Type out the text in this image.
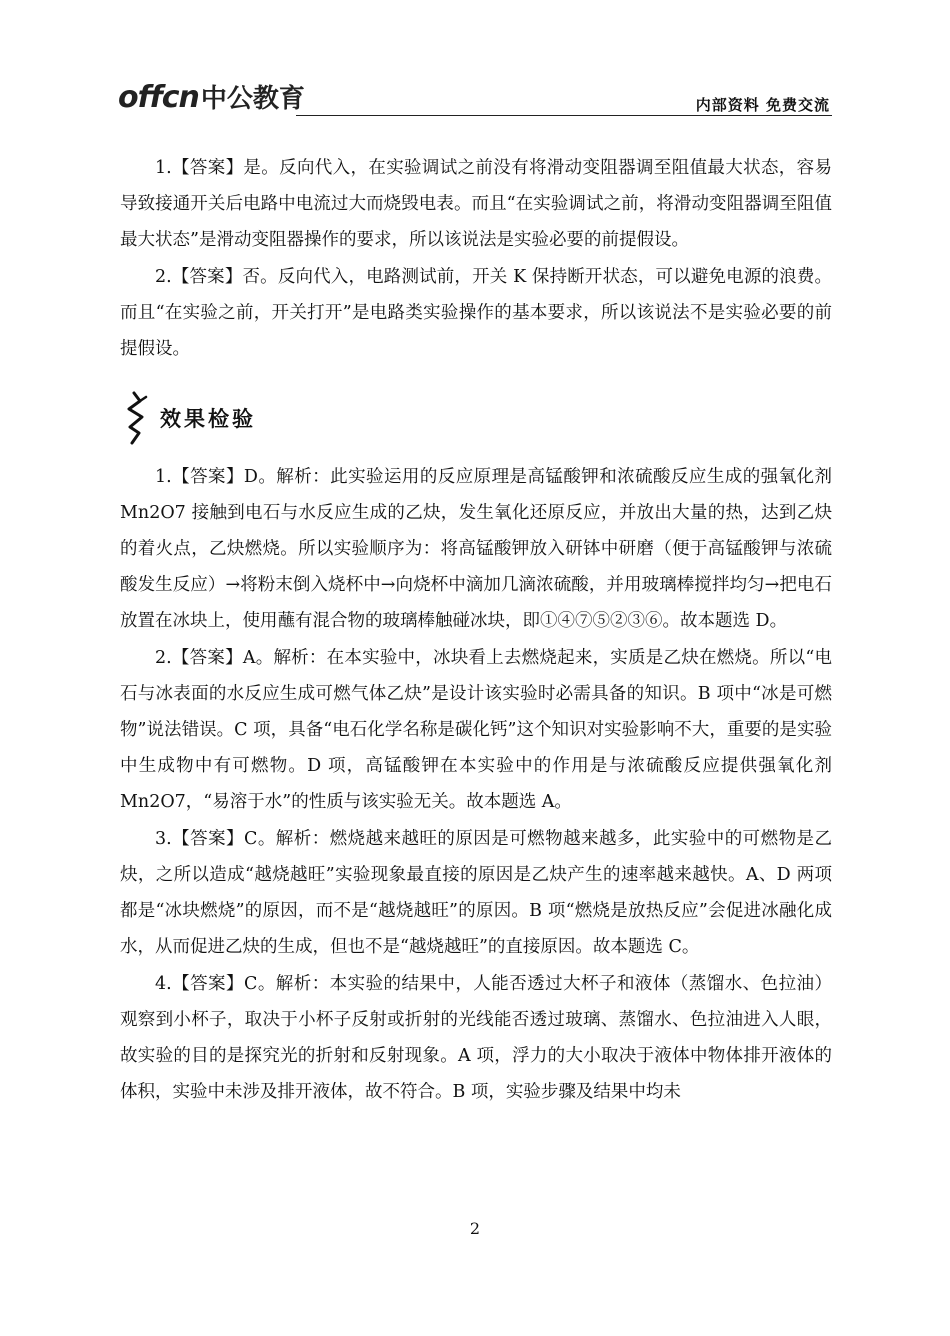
offcn中公教育	内部资料 免费交流

1.【答案】是。反向代入，在实验调试之前没有将滑动变阻器调至阻值最大状态，容易导致接通开关后电路中电流过大而烧毁电表。而且“在实验调试之前，将滑动变阻器调至阻值最大状态”是滑动变阻器操作的要求，所以该说法是实验必要的前提假设。

2.【答案】否。反向代入，电路测试前，开关 K 保持断开状态，可以避免电源的浪费。而且“在实验之前，开关打开”是电路类实验操作的基本要求，所以该说法不是实验必要的前提假设。

效果检验

1.【答案】D。解析：此实验运用的反应原理是高锰酸钾和浓硫酸反应生成的强氧化剂 Mn2O7 接触到电石与水反应生成的乙炔，发生氧化还原反应，并放出大量的热，达到乙炔的着火点，乙炔燃烧。所以实验顺序为：将高锰酸钾放入研钵中研磨（便于高锰酸钾与浓硫酸发生反应）→将粉末倒入烧杯中→向烧杯中滴加几滴浓硫酸，并用玻璃棒搅拌均匀→把电石放置在冰块上，使用蘸有混合物的玻璃棒触碰冰块，即①④⑦⑤②③⑥。故本题选 D。

2.【答案】A。解析：在本实验中，冰块看上去燃烧起来，实质是乙炔在燃烧。所以“电石与冰表面的水反应生成可燃气体乙炔”是设计该实验时必需具备的知识。B 项中“冰是可燃物”说法错误。C 项，具备“电石化学名称是碳化钙”这个知识对实验影响不大，重要的是实验中生成物中有可燃物。D 项，高锰酸钾在本实验中的作用是与浓硫酸反应提供强氧化剂 Mn2O7，“易溶于水”的性质与该实验无关。故本题选 A。

3.【答案】C。解析：燃烧越来越旺的原因是可燃物越来越多，此实验中的可燃物是乙炔，之所以造成“越烧越旺”实验现象最直接的原因是乙炔产生的速率越来越快。A、D 两项都是“冰块燃烧”的原因，而不是“越烧越旺”的原因。B 项“燃烧是放热反应”会促进冰融化成水，从而促进乙炔的生成，但也不是“越烧越旺”的直接原因。故本题选 C。

4.【答案】C。解析：本实验的结果中，人能否透过大杯子和液体（蒸馏水、色拉油）观察到小杯子，取决于小杯子反射或折射的光线能否透过玻璃、蒸馏水、色拉油进入人眼，故实验的目的是探究光的折射和反射现象。A 项，浮力的大小取决于液体中物体排开液体的体积，实验中未涉及排开液体，故不符合。B 项，实验步骤及结果中均未

2
